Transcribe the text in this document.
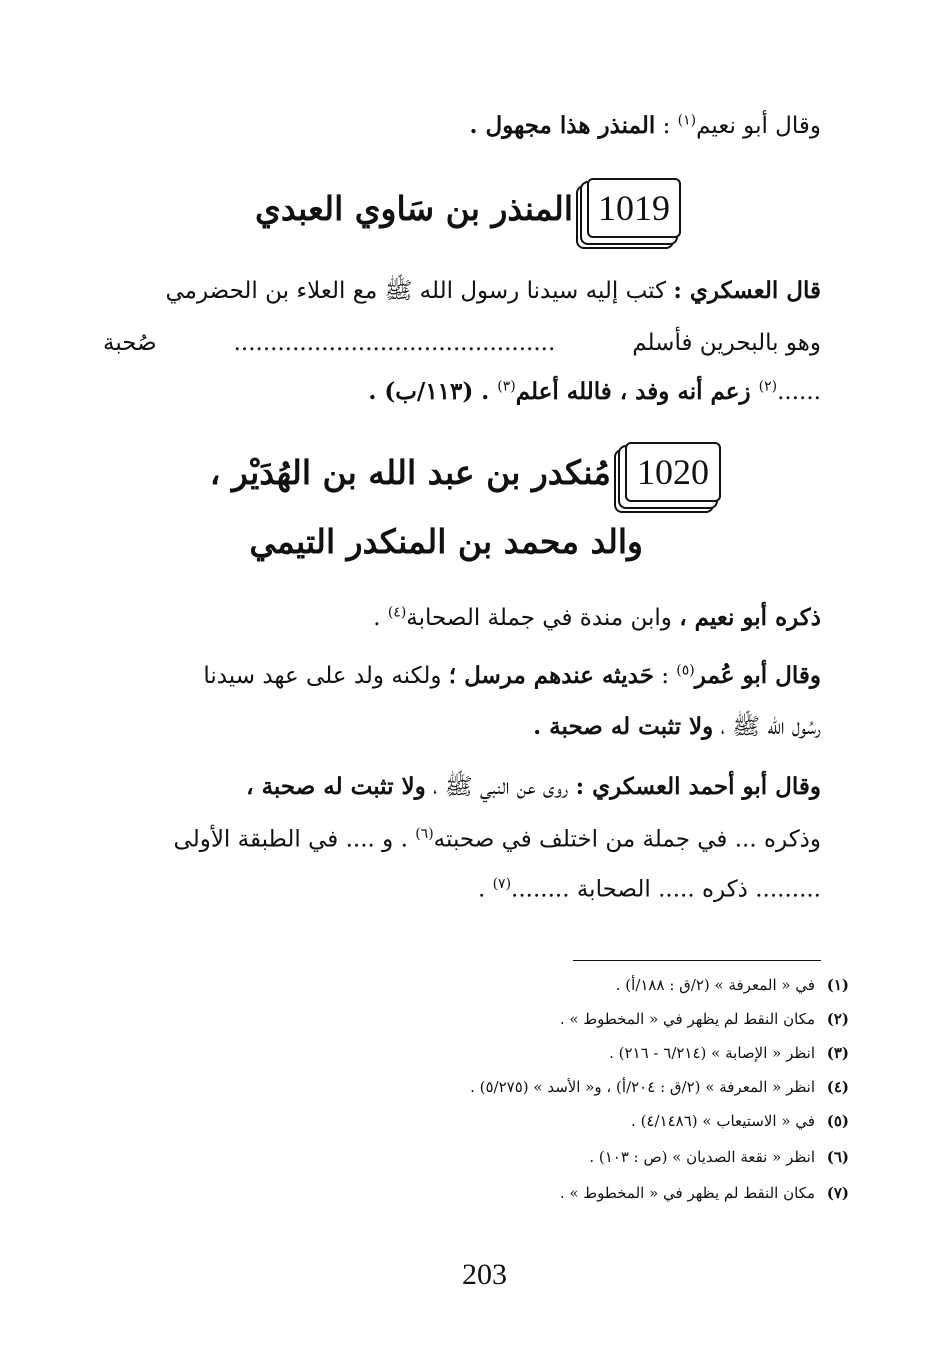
وقال أبو نعيم$^{(١)}$ : المنذر هذا مجهول .
1019
المنذر بن سَاوي العبدي
قال العسكري : كتب إليه سيدنا رسول الله ﷺ مع العلاء بن الحضرمي
وهو بالبحرين فأسلم
............................................
صُحبة
......$^{(٢)}$ زعم أنه وفد ، فالله أعلم$^{(٣)}$ . (١١٣/ب) .
1020
مُنكدر بن عبد الله بن الهُدَيْر ،
والد محمد بن المنكدر التيمي
ذكره أبو نعيم ، وابن مندة في جملة الصحابة$^{(٤)}$ .
وقال أبو عُمر$^{(٥)}$ : حَديثه عندهم مرسل ؛ ولكنه ولد على عهد سيدنا
رسُول الله ﷺ ، ولا تثبت له صحبة .
وقال أبو أحمد العسكري : روى عن النبي ﷺ ، ولا تثبت له صحبة ،
وذكره ... في جملة من اختلف في صحبته$^{(٦)}$ . و .... في الطبقة الأولى
......... ذكره ..... الصحابة ........$^{(٧)}$ .
(١)في « المعرفة » (٢/ق : ١٨٨/أ) .
(٢)مكان النقط لم يظهر في « المخطوط » .
(٣)انظر « الإصابة » (٦/٢١٤ - ٢١٦) .
(٤)انظر « المعرفة » (٢/ق : ٢٠٤/أ) ، و« الأسد » (٥/٢٧٥) .
(٥)في « الاستيعاب » (٤/١٤٨٦) .
(٦)انظر « نقعة الصديان » (ص : ١٠٣) .
(٧)مكان النقط لم يظهر في « المخطوط » .
203
